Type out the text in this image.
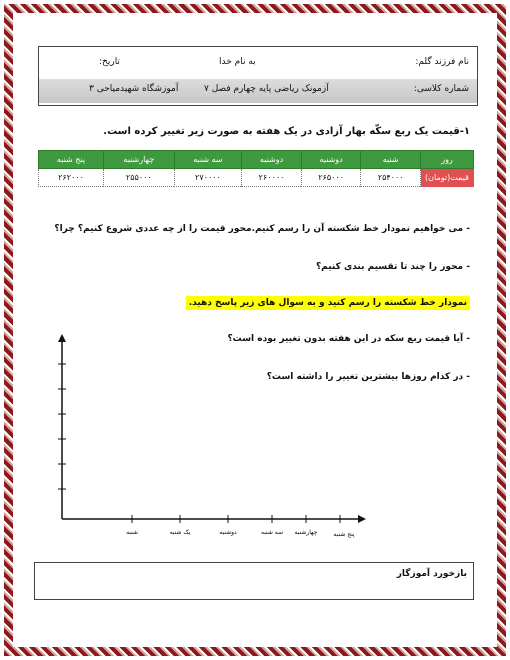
نام فرزند گلم:
به نام خدا
تاریخ:
شماره کلاسی:
آزمونک ریاضی پایه چهارم فصل ۷
آموزشگاه شهیدمیاحی ۳
۱-قیمت یک ربع سکّه بهار آزادی در یک هفته به صورت زیر تغییر کرده است.
روز	شنبه	دوشنبه	دوشنبه	سه شنبه	چهارشنبه	پنج شنبه
قیمت(تومان)	۲۵۴۰۰۰	۲۶۵۰۰۰	۲۶۰۰۰۰	۲۷۰۰۰۰	۲۵۵۰۰۰	۲۶۲۰۰۰
- می خواهیم نمودار خط شکسته آن را رسم کنیم.محور قیمت را از چه عددی شروع کنیم؟ چرا؟
- محور را چند تا تقسیم بندی کنیم؟
نمودار خط شکسته را رسم کنید و به سوال های زیر پاسخ دهید.
- آیا قیمت ربع سکه در این هفته بدون تغییر بوده است؟
- در کدام روزها بیشترین تغییر را داشته است؟
شنبه	یک شنبه	دوشنبه	سه شنبه چهارشنبه	پنج شنبه
بازخورد آموزگار
